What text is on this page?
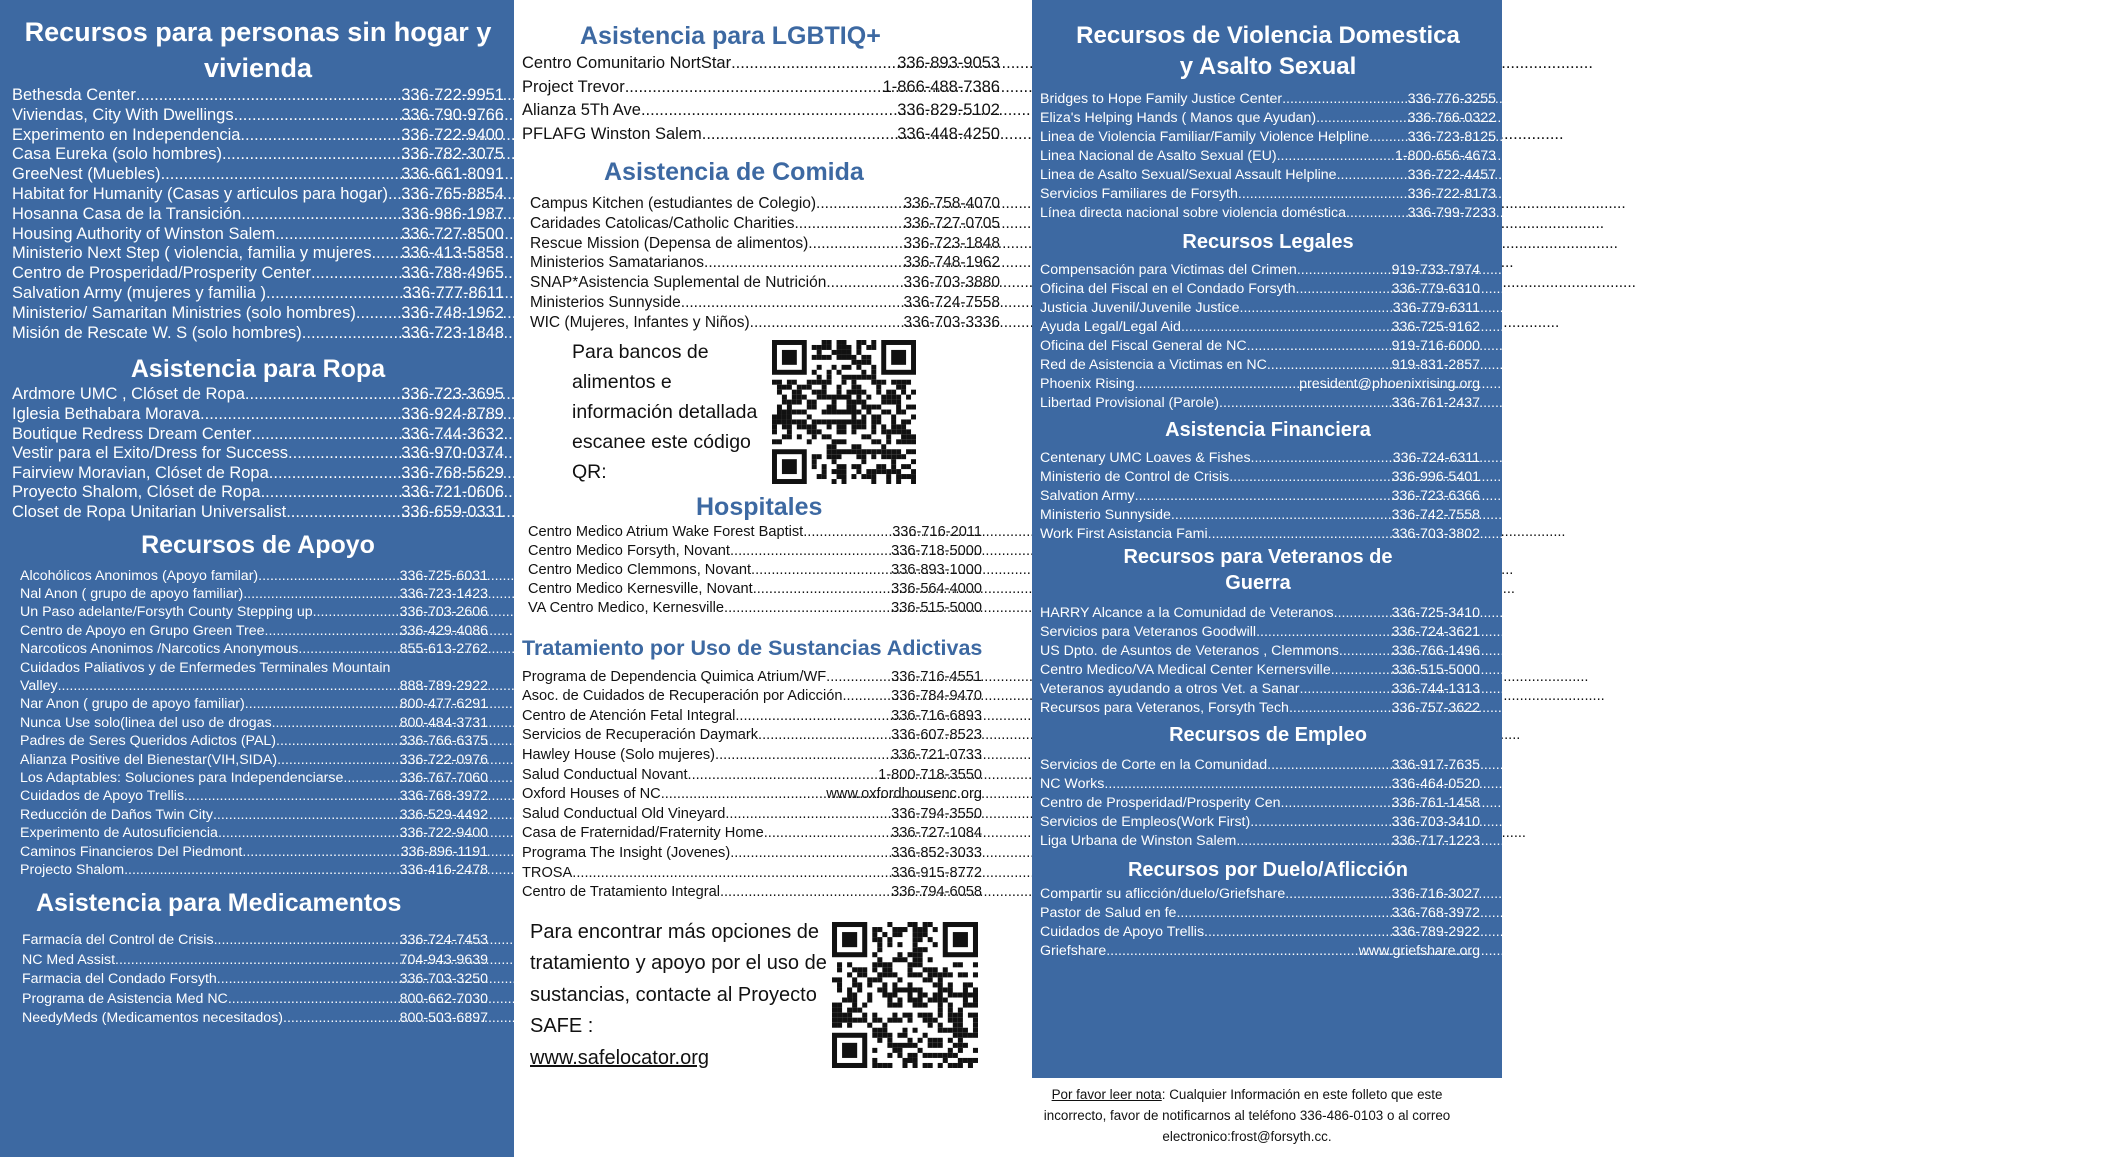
Recursos para personas sin hogar y vivienda
Bethesda Center .....	336-722-9951
Viviendas, City With Dwellings .....	336-790-9766
Experimento en Independencia .....	336-722-9400
Casa Eureka (solo hombres) .....	336-782-3075
GreeNest (Muebles) .....	336-661-8091
Habitat for Humanity (Casas y articulos para hogar) ..... 336-765-8854
Hosanna Casa de la Transición .....	336-986-1987
Housing Authority of Winston Salem .....	336-727-8500
Ministerio Next Step ( violencia, familia y mujeres ..... 336-413-5858
Centro de Prosperidad/Prosperity Center .....	336-788-4965
Salvation Army (mujeres y familia ) .....	336-777-8611
Ministerio/ Samaritan Ministries (solo hombres) .....	336-748-1962
Misión de Rescate W. S (solo hombres) .....	336-723-1848
Asistencia para Ropa
Ardmore UMC , Clóset de Ropa .....	336-723-3695
Iglesia Bethabara Morava .....	336-924-8789
Boutique Redress Dream Center .....	336-744-3632
Vestir para el Exito/Dress for Success .....	336-970-0374
Fairview Moravian, Clóset de Ropa .....	336-768-5629
Proyecto Shalom, Clóset de Ropa .....	336-721-0606
Closet de Ropa Unitarian Universalist .....	336-659-0331
Recursos de Apoyo
Alcohólicos Anonimos (Apoyo familar) .....	336-725-6031
Nal Anon ( grupo de apoyo familiar) .....	336-723-1423
Un Paso adelante/Forsyth County Stepping up .....	336-703-2606
Centro de Apoyo en Grupo Green Tree .....	336-429-4086
Narcoticos Anonimos /Narcotics Anonymous .....	855-613-2762
Cuidados Paliativos y de Enfermedes Terminales Mountain
Valley .....	888-789-2922
Nar Anon ( grupo de apoyo familiar) .....	800-477-6291
Nunca Use solo(linea del uso de drogas .....	800-484-3731
Padres de Seres Queridos Adictos (PAL) .....	336-766-6375
Alianza Positive del Bienestar(VIH,SIDA) .....	336-722-0976
Los Adaptables: Soluciones para Independenciarse .....	336-767-7060
Cuidados de Apoyo Trellis .....	336-768-3972
Reducción de Daños Twin City .....	336-529-4492
Experimento de Autosuficiencia .....	336-722-9400
Caminos Financieros Del Piedmont .....	336-896-1191
Projecto Shalom .....	336-416-2478
Asistencia para Medicamentos
Farmacía del Control de Crisis .....	336-724-7453
NC Med Assist .....	704-943-9639
Farmacia del Condado Forsyth .....	336-703-3250
Programa de Asistencia Med NC .....	800-662-7030
NeedyMeds (Medicamentos necesitados) .....	800-503-6897
Asistencia para LGBTIQ+
Centro Comunitario NortStar .....	336-893-9053
Project Trevor .....	1-866-488-7386
Alianza 5Th Ave .....	336-829-5102
PFLAFG Winston Salem .....	336-448-4250
Asistencia de Comida
Campus Kitchen (estudiantes de Colegio) .....	336-758-4070
Caridades Catolicas/Catholic Charities .....	336-727-0705
Rescue Mission (Depensa de alimentos) .....	336-723-1848
Ministerios Samatarianos .....	336-748-1962
SNAP*Asistencia Suplemental de Nutrición .....	336-703-3880
Ministerios Sunnyside .....	336-724-7558
WIC (Mujeres, Infantes y Niños) .....	336-703-3336
Para bancos de alimentos e información detallada escanee este código QR:
Hospitales
Centro Medico Atrium Wake Forest Baptist .....	336-716-2011
Centro Medico Forsyth, Novant .....	336-718-5000
Centro Medico Clemmons, Novant .....	336-893-1000
Centro Medico Kernesville, Novant .....	336-564-4000
VA Centro Medico, Kernesville .....	336-515-5000
Tratamiento por Uso de Sustancias Adictivas
Programa de Dependencia Quimica Atrium/WF .....	336-716-4551
Asoc. de Cuidados de Recuperación por Adicción .....	336-784-9470
Centro de Atención Fetal Integral .....	336-716-6893
Servicios de Recuperación Daymark .....	336-607-8523
Hawley House (Solo mujeres) .....	336-721-0733
Salud Conductual Novant .....	1-800-718-3550
Oxford Houses of NC .....	www.oxfordhousenc.org
Salud Conductual Old Vineyard .....	336-794-3550
Casa de Fraternidad/Fraternity Home .....	336-727-1084
Programa The Insight (Jovenes) .....	336-852-3033
TROSA .....	336-915-8772
Centro de Tratamiento Integral .....	336-794-6058
Para encontrar más opciones de tratamiento y apoyo por el uso de sustancias, contacte al Proyecto SAFE :
www.safelocator.org
Recursos de Violencia Domestica y Asalto Sexual
Bridges to Hope Family Justice Center .....	336-776-3255
Eliza's Helping Hands ( Manos que Ayudan) .....	336-766-0322
Linea de Violencia Familiar/Family Violence Helpline .....	336-723-8125
Linea Nacional de Asalto Sexual (EU) .....	1-800-656-4673
Linea de Asalto Sexual/Sexual Assault Helpline .....	336-722-4457
Servicios Familiares de Forsyth .....	336-722-8173
Línea directa nacional sobre violencia doméstica .....	336-799-7233
Recursos Legales
Compensación para Victimas del Crimen .....	919-733-7974
Oficina del Fiscal en el Condado Forsyth .....	336-779-6310
Justicia Juvenil/Juvenile Justice .....	336-779-6311
Ayuda Legal/Legal Aid .....	336-725-9162
Oficina del Fiscal General de NC .....	919-716-6000
Red de Asistencia a Victimas en NC .....	919-831-2857
Phoenix Rising .....	president@phoenixrising.org
Libertad Provisional (Parole) .....	336-761-2437
Asistencia Financiera
Centenary UMC Loaves & Fishes .....	336-724-6311
Ministerio de Control de Crisis .....	336-996-5401
Salvation Army .....	336-723-6366
Ministerio Sunnyside .....	336-742-7558
Work First Asistancia Fami .....	336-703-3802
Recursos para Veteranos de Guerra
HARRY Alcance a la Comunidad de Veteranos .....	336-725-3410
Servicios para Veteranos Goodwill .....	336-724-3621
US Dpto. de Asuntos de Veteranos , Clemmons .....	336-766-1496
Centro Medico/VA Medical Center Kernersville .....	336-515-5000
Veteranos ayudando a otros Vet. a Sanar .....	336-744-1313
Recursos para Veteranos, Forsyth Tech .....	336-757-3622
Recursos de Empleo
Servicios de Corte en la Comunidad .....	336-917-7635
NC Works .....	336-464-0520
Centro de Prosperidad/Prosperity Cen .....	336-761-1458
Servicios de Empleos(Work First) .....	336-703-3410
Liga Urbana de Winston Salem .....	336-717-1223
Recursos por Duelo/Aflicción
Compartir su aflicción/duelo/Griefshare .....	336-716-3027
Pastor de Salud en fe .....	336-768-3972
Cuidados de Apoyo Trellis .....	336-789-2922
Griefshare .....	www.griefshare.org
Por favor leer nota: Cualquier Información en este folleto que este incorrecto, favor de notificarnos al teléfono 336-486-0103 o al correo electronico:frost@forsyth.cc.
